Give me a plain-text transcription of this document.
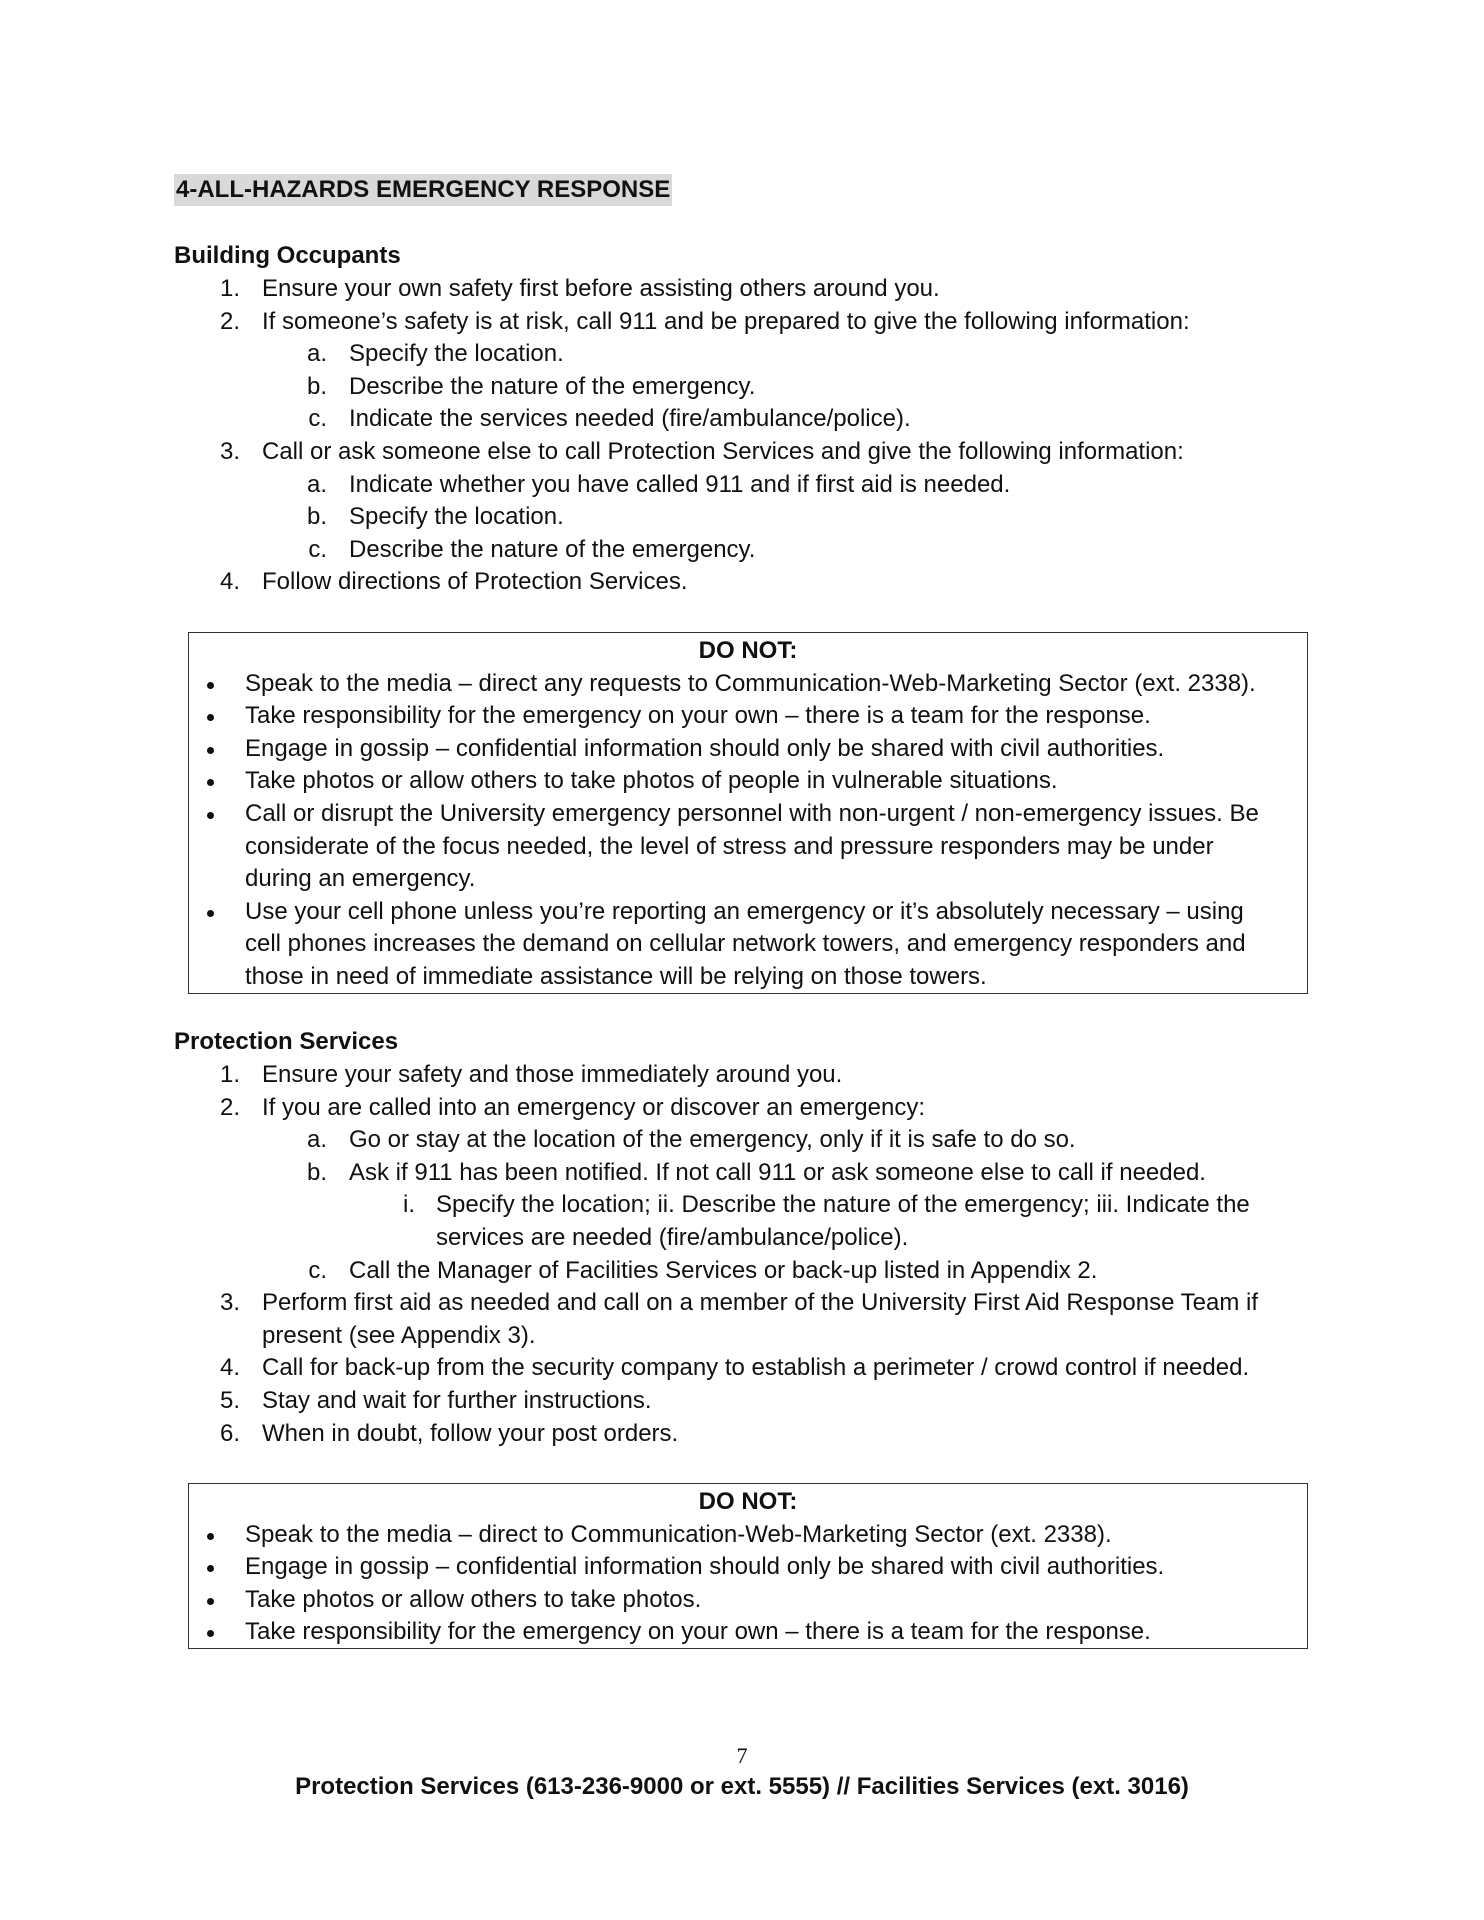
4-ALL-HAZARDS EMERGENCY RESPONSE
Building Occupants
1. Ensure your own safety first before assisting others around you.
2. If someone’s safety is at risk, call 911 and be prepared to give the following information:
a. Specify the location.
b. Describe the nature of the emergency.
c. Indicate the services needed (fire/ambulance/police).
3. Call or ask someone else to call Protection Services and give the following information:
a. Indicate whether you have called 911 and if first aid is needed.
b. Specify the location.
c. Describe the nature of the emergency.
4. Follow directions of Protection Services.
DO NOT:
Speak to the media – direct any requests to Communication-Web-Marketing Sector (ext. 2338).
Take responsibility for the emergency on your own – there is a team for the response.
Engage in gossip – confidential information should only be shared with civil authorities.
Take photos or allow others to take photos of people in vulnerable situations.
Call or disrupt the University emergency personnel with non-urgent / non-emergency issues. Be
considerate of the focus needed, the level of stress and pressure responders may be under
during an emergency.
Use your cell phone unless you’re reporting an emergency or it’s absolutely necessary – using
cell phones increases the demand on cellular network towers, and emergency responders and
those in need of immediate assistance will be relying on those towers.
Protection Services
1. Ensure your safety and those immediately around you.
2. If you are called into an emergency or discover an emergency:
a. Go or stay at the location of the emergency, only if it is safe to do so.
b. Ask if 911 has been notified. If not call 911 or ask someone else to call if needed.
i. Specify the location; ii. Describe the nature of the emergency; iii. Indicate the
services are needed (fire/ambulance/police).
c. Call the Manager of Facilities Services or back-up listed in Appendix 2.
3. Perform first aid as needed and call on a member of the University First Aid Response Team if
present (see Appendix 3).
4. Call for back-up from the security company to establish a perimeter / crowd control if needed.
5. Stay and wait for further instructions.
6. When in doubt, follow your post orders.
DO NOT:
Speak to the media – direct to Communication-Web-Marketing Sector (ext. 2338).
Engage in gossip – confidential information should only be shared with civil authorities.
Take photos or allow others to take photos.
Take responsibility for the emergency on your own – there is a team for the response.
7
Protection Services (613-236-9000 or ext. 5555) // Facilities Services (ext. 3016)
